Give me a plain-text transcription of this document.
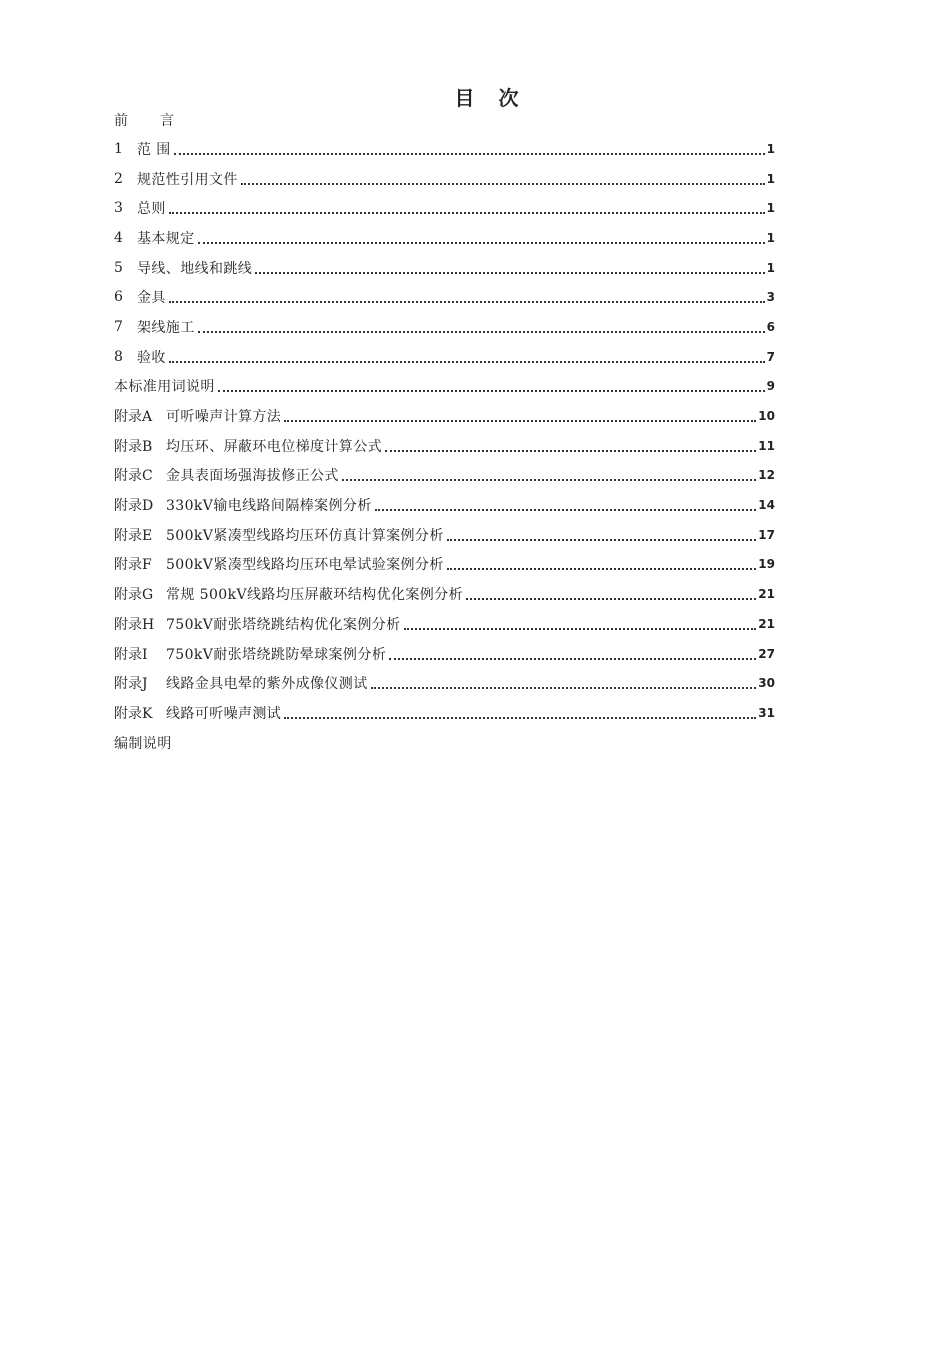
目　次
前　言
1	范 围	1
2	规范性引用文件	1
3	总则	1
4	基本规定	1
5	导线、地线和跳线	1
6	金具	3
7	架线施工	6
8	验收	7
本标准用词说明	9
附录A 可听噪声计算方法	10
附录B 均压环、屏蔽环电位梯度计算公式	11
附录C 金具表面场强海拔修正公式	12
附录D 330kV输电线路间隔棒案例分析	14
附录E 500kV紧凑型线路均压环仿真计算案例分析	17
附录F	500kV紧凑型线路均压环电晕试验案例分析	19
附录G 常规 500kV线路均压屏蔽环结构优化案例分析	21
附录H 750kV耐张塔绕跳结构优化案例分析	21
附录I	750kV耐张塔绕跳防晕球案例分析	27
附录J	线路金具电晕的紫外成像仪测试	30
附录K 线路可听噪声测试	31
编制说明
